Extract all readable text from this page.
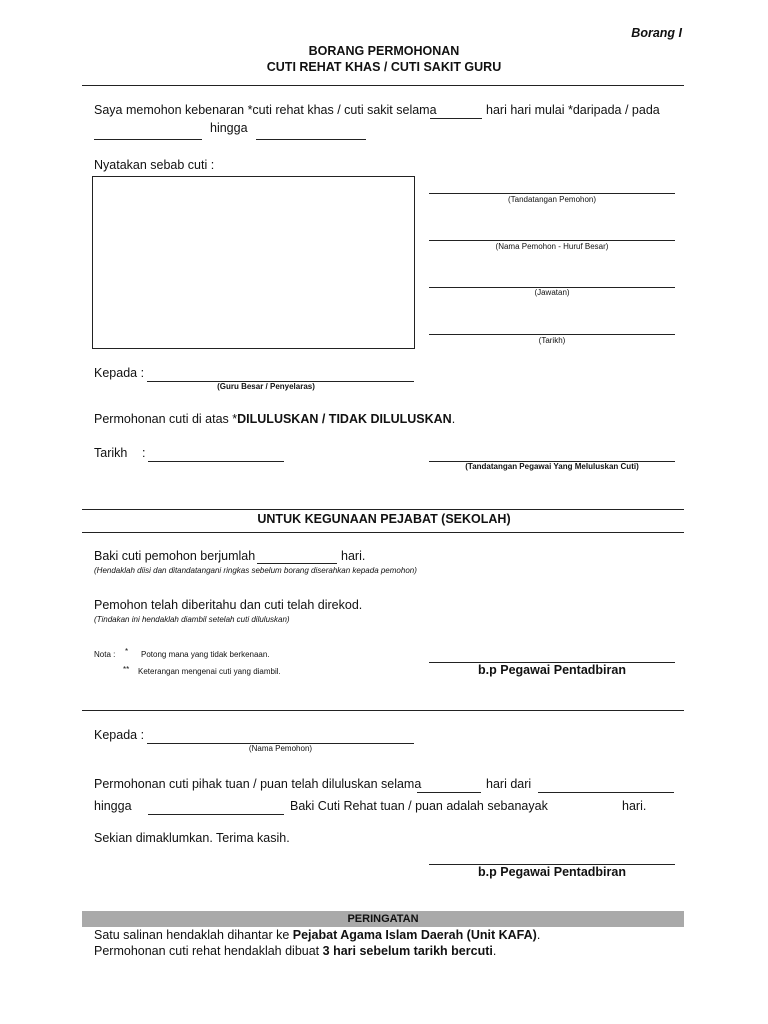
Borang I
BORANG PERMOHONAN
CUTI REHAT KHAS / CUTI SAKIT GURU
Saya memohon kebenaran *cuti rehat khas / cuti sakit selama	hari hari mulai *daripada / pada
hingga
Nyatakan sebab cuti :
(Tandatangan Pemohon)
(Nama Pemohon - Huruf Besar)
(Jawatan)
(Tarikh)
Kepada :
(Guru Besar / Penyelaras)
Permohonan cuti di atas *DILULUSKAN / TIDAK DILULUSKAN.
Tarikh :
(Tandatangan Pegawai Yang Meluluskan Cuti)
UNTUK KEGUNAAN PEJABAT (SEKOLAH)
Baki cuti pemohon berjumlah	hari.
(Hendaklah diisi dan ditandatangani ringkas sebelum borang diserahkan kepada pemohon)
Pemohon telah diberitahu dan cuti telah direkod.
(Tindakan ini hendaklah diambil setelah cuti diluluskan)
Nota : * Potong mana yang tidak berkenaan.
** Keterangan mengenai cuti yang diambil.	b.p Pegawai Pentadbiran
Kepada :
(Nama Pemohon)
Permohonan cuti pihak tuan / puan telah diluluskan selama	hari dari
hingga	Baki Cuti Rehat tuan / puan adalah sebanayak	hari.
Sekian dimaklumkan. Terima kasih.
b.p Pegawai Pentadbiran
PERINGATAN
Satu salinan hendaklah dihantar ke Pejabat Agama Islam Daerah (Unit KAFA).
Permohonan cuti rehat hendaklah dibuat 3 hari sebelum tarikh bercuti.
